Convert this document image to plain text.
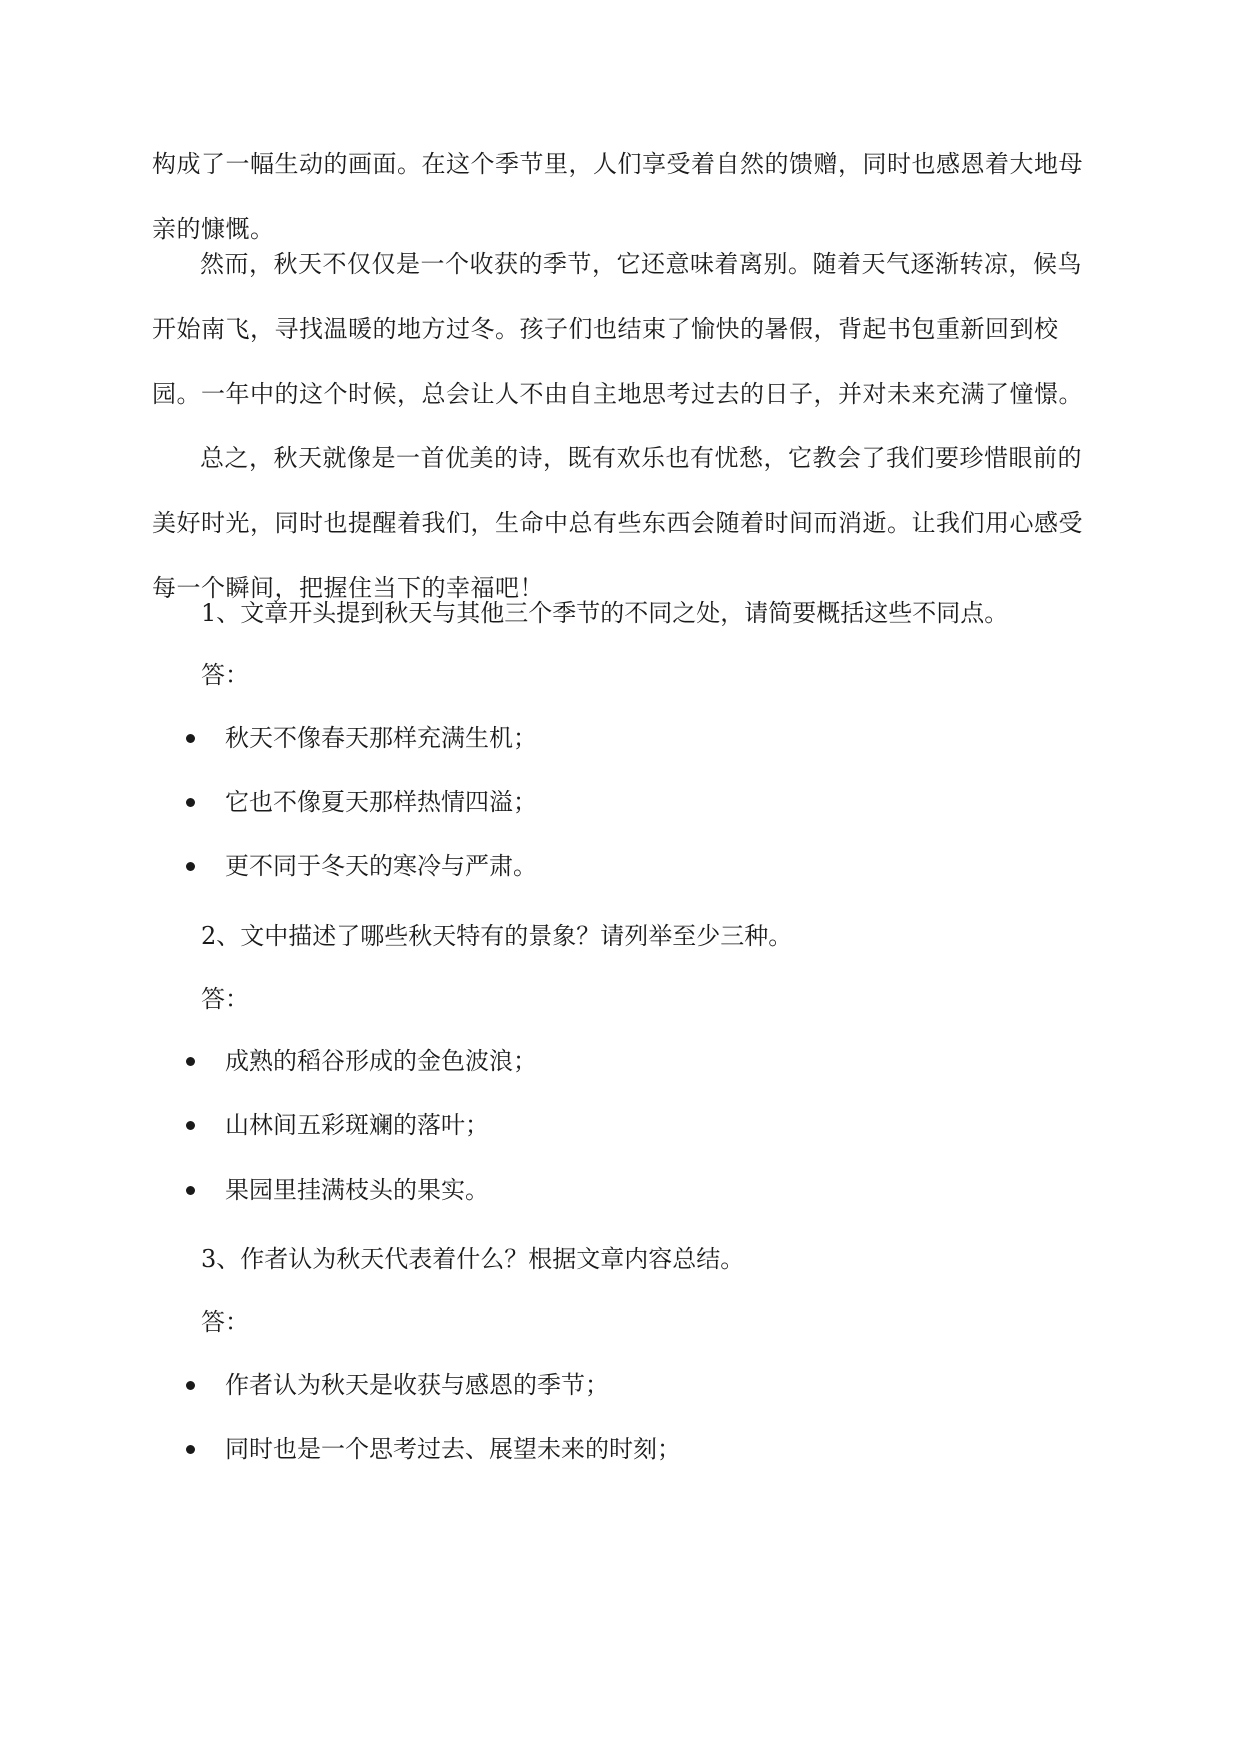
构成了一幅生动的画面。在这个季节里，人们享受着自然的馈赠，同时也感恩着大地母亲的慷慨。

然而，秋天不仅仅是一个收获的季节，它还意味着离别。随着天气逐渐转凉，候鸟开始南飞，寻找温暖的地方过冬。孩子们也结束了愉快的暑假，背起书包重新回到校园。一年中的这个时候，总会让人不由自主地思考过去的日子，并对未来充满了憧憬。

总之，秋天就像是一首优美的诗，既有欢乐也有忧愁，它教会了我们要珍惜眼前的美好时光，同时也提醒着我们，生命中总有些东西会随着时间而消逝。让我们用心感受每一个瞬间，把握住当下的幸福吧！

1、文章开头提到秋天与其他三个季节的不同之处，请简要概括这些不同点。

答：

秋天不像春天那样充满生机；
它也不像夏天那样热情四溢；
更不同于冬天的寒冷与严肃。

2、文中描述了哪些秋天特有的景象？请列举至少三种。

答：

成熟的稻谷形成的金色波浪；
山林间五彩斑斓的落叶；
果园里挂满枝头的果实。

3、作者认为秋天代表着什么？根据文章内容总结。

答：

作者认为秋天是收获与感恩的季节；
同时也是一个思考过去、展望未来的时刻；
